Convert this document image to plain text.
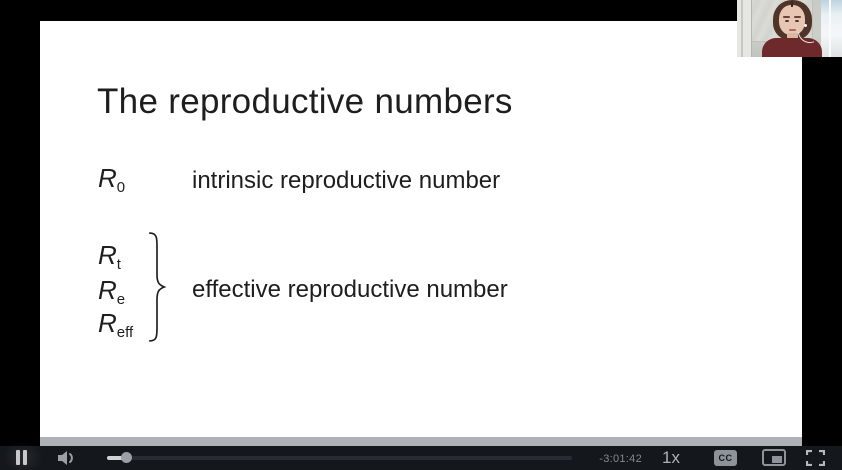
The reproductive numbers
$R_0$	intrinsic reproductive number
$R_t$
$R_e$
$R_{eff}$
effective reproductive number
-3:01:42 1x	CC
